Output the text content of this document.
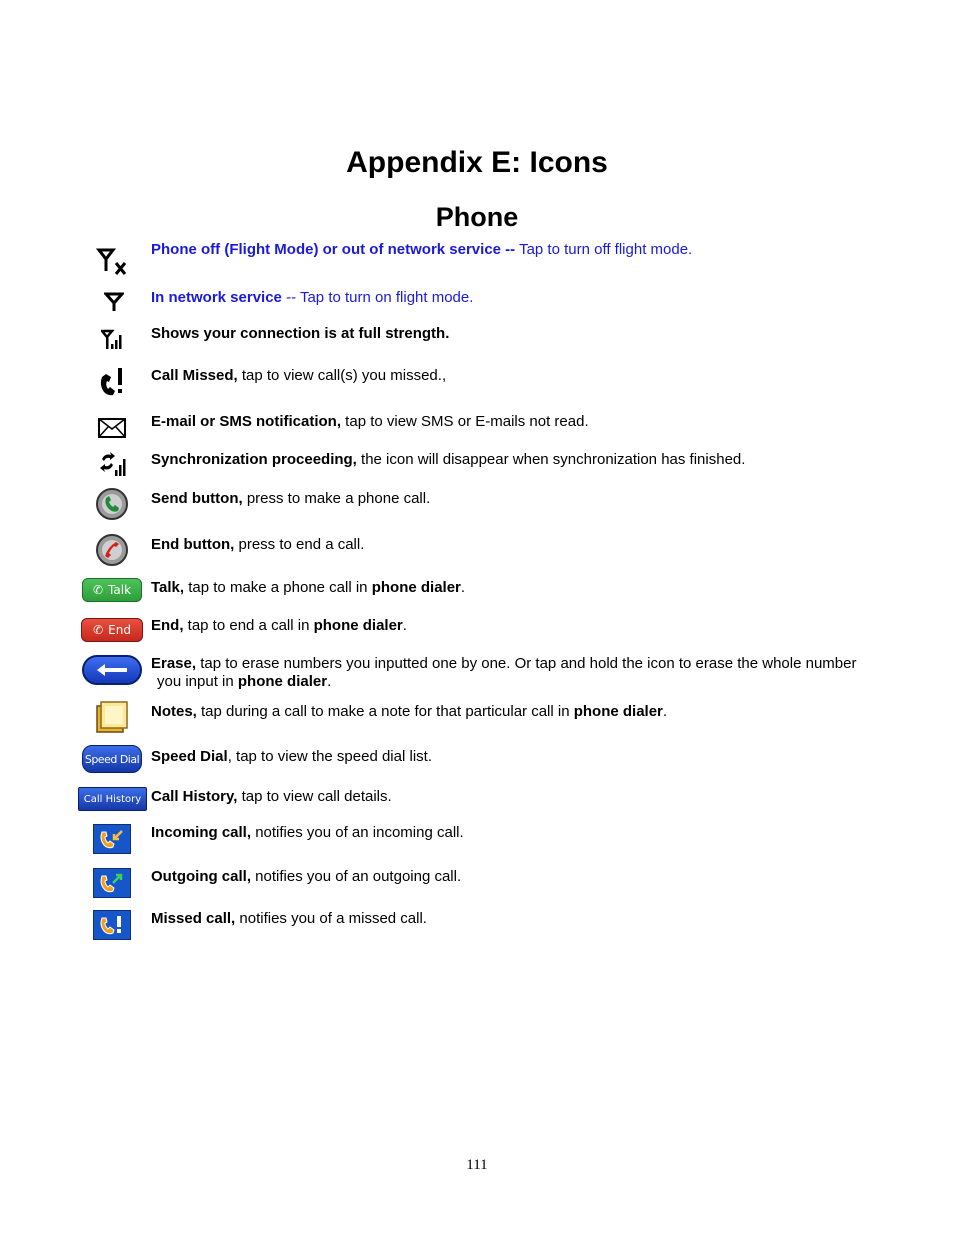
Appendix E: Icons
Phone
Phone off (Flight Mode) or out of network service -- Tap to turn off flight mode.
In network service -- Tap to turn on flight mode.
Shows your connection is at full strength.
Call Missed, tap to view call(s) you missed.,
E-mail or SMS notification, tap to view SMS or E-mails not read.
Synchronization proceeding, the icon will disappear when synchronization has finished.
Send button, press to make a phone call.
End button, press to end a call.
✆ Talk Talk, tap to make a phone call in phone dialer.
✆ End End, tap to end a call in phone dialer.
Erase, tap to erase numbers you inputted one by one. Or tap and hold the icon to erase the whole number
you input in phone dialer.
Notes, tap during a call to make a note for that particular call in phone dialer.
Speed Dial Speed Dial, tap to view the speed dial list.
Call History Call History, tap to view call details.
Incoming call, notifies you of an incoming call.
Outgoing call, notifies you of an outgoing call.
Missed call, notifies you of a missed call.
111
